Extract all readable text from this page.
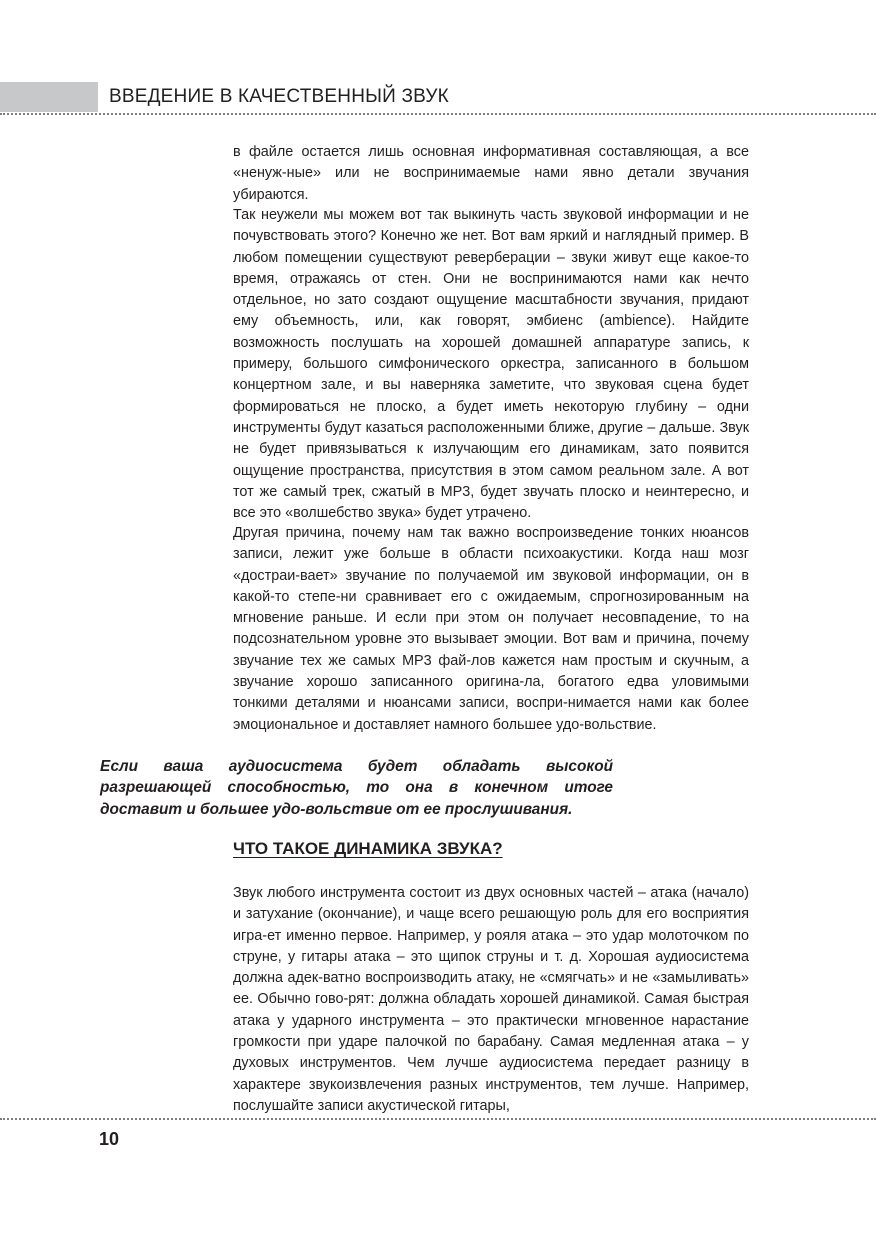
ВВЕДЕНИЕ В КАЧЕСТВЕННЫЙ ЗВУК

в файле остается лишь основная информативная составляющая, а все «ненуж-ные» или не воспринимаемые нами явно детали звучания убираются.

Так неужели мы можем вот так выкинуть часть звуковой информации и не почувствовать этого? Конечно же нет. Вот вам яркий и наглядный пример. В любом помещении существуют реверберации – звуки живут еще какое-то время, отражаясь от стен. Они не воспринимаются нами как нечто отдельное, но зато создают ощущение масштабности звучания, придают ему объемность, или, как говорят, эмбиенс (ambience). Найдите возможность послушать на хорошей домашней аппаратуре запись, к примеру, большого симфонического оркестра, записанного в большом концертном зале, и вы наверняка заметите, что звуковая сцена будет формироваться не плоско, а будет иметь некоторую глубину – одни инструменты будут казаться расположенными ближе, другие – дальше. Звук не будет привязываться к излучающим его динамикам, зато появится ощущение пространства, присутствия в этом самом реальном зале. А вот тот же самый трек, сжатый в MP3, будет звучать плоско и неинтересно, и все это «волшебство звука» будет утрачено.

Другая причина, почему нам так важно воспроизведение тонких нюансов записи, лежит уже больше в области психоакустики. Когда наш мозг «достраи-вает» звучание по получаемой им звуковой информации, он в какой-то степе-ни сравнивает его с ожидаемым, спрогнозированным на мгновение раньше. И если при этом он получает несовпадение, то на подсознательном уровне это вызывает эмоции. Вот вам и причина, почему звучание тех же самых MP3 фай-лов кажется нам простым и скучным, а звучание хорошо записанного оригина-ла, богатого едва уловимыми тонкими деталями и нюансами записи, воспри-нимается нами как более эмоциональное и доставляет намного большее удо-вольствие.

Если ваша аудиосистема будет обладать высокой разрешающей способностью, то она в конечном итоге доставит и большее удо-вольствие от ее прослушивания.

ЧТО ТАКОЕ ДИНАМИКА ЗВУКА?

Звук любого инструмента состоит из двух основных частей – атака (начало) и затухание (окончание), и чаще всего решающую роль для его восприятия игра-ет именно первое. Например, у рояля атака – это удар молоточком по струне, у гитары атака – это щипок струны и т. д. Хорошая аудиосистема должна адек-ватно воспроизводить атаку, не «смягчать» и не «замыливать» ее. Обычно гово-рят: должна обладать хорошей динамикой. Самая быстрая атака у ударного инструмента – это практически мгновенное нарастание громкости при ударе палочкой по барабану. Самая медленная атака – у духовых инструментов. Чем лучше аудиосистема передает разницу в характере звукоизвлечения разных инструментов, тем лучше. Например, послушайте записи акустической гитары,

10
